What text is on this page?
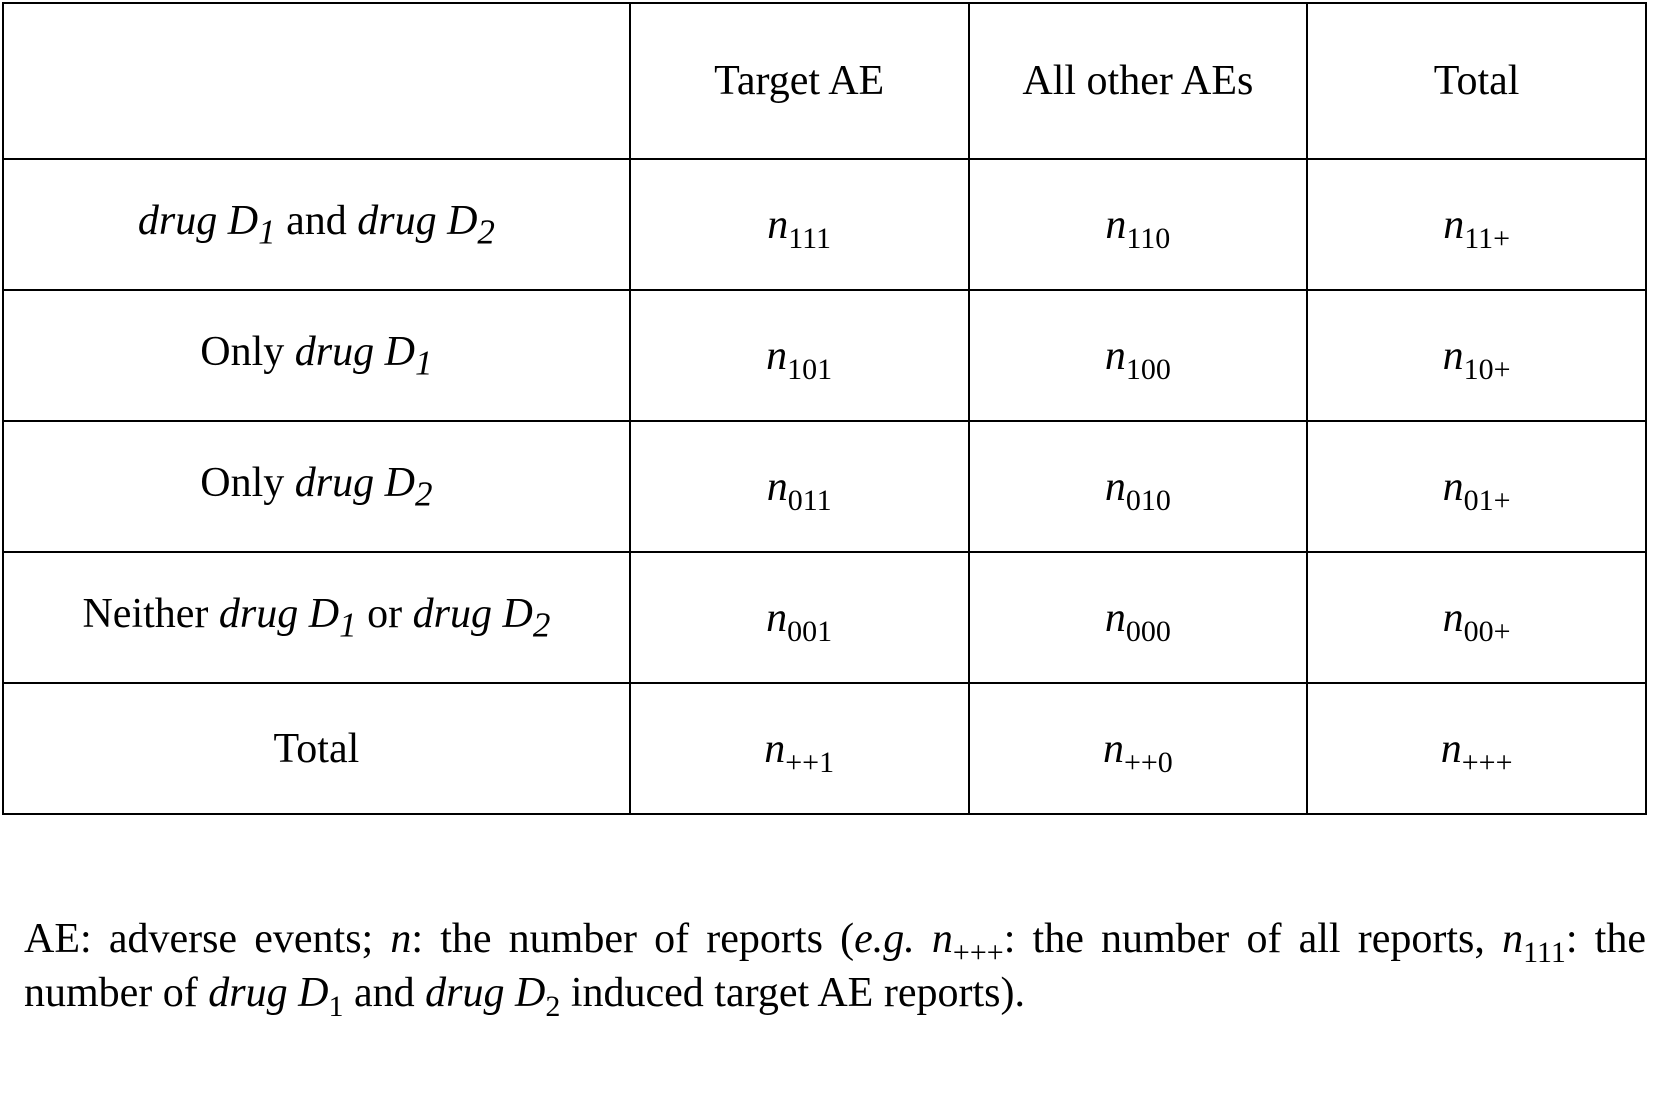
	Target AE	All other AEs	Total
drug $D_1$ and drug $D_2$	$n_{111}$	$n_{110}$	$n_{11+}$
Only drug $D_1$	$n_{101}$	$n_{100}$	$n_{10+}$
Only drug $D_2$	$n_{011}$	$n_{010}$	$n_{01+}$
Neither drug $D_1$ or drug $D_2$	$n_{001}$	$n_{000}$	$n_{00+}$
Total	$n_{++1}$	$n_{++0}$	$n_{+++}$
AE: adverse events; n: the number of reports (e.g. $n_{+++}$: the number of all reports, $n_{111}$: the number of drug $D_1$ and drug $D_2$ induced target AE reports).
